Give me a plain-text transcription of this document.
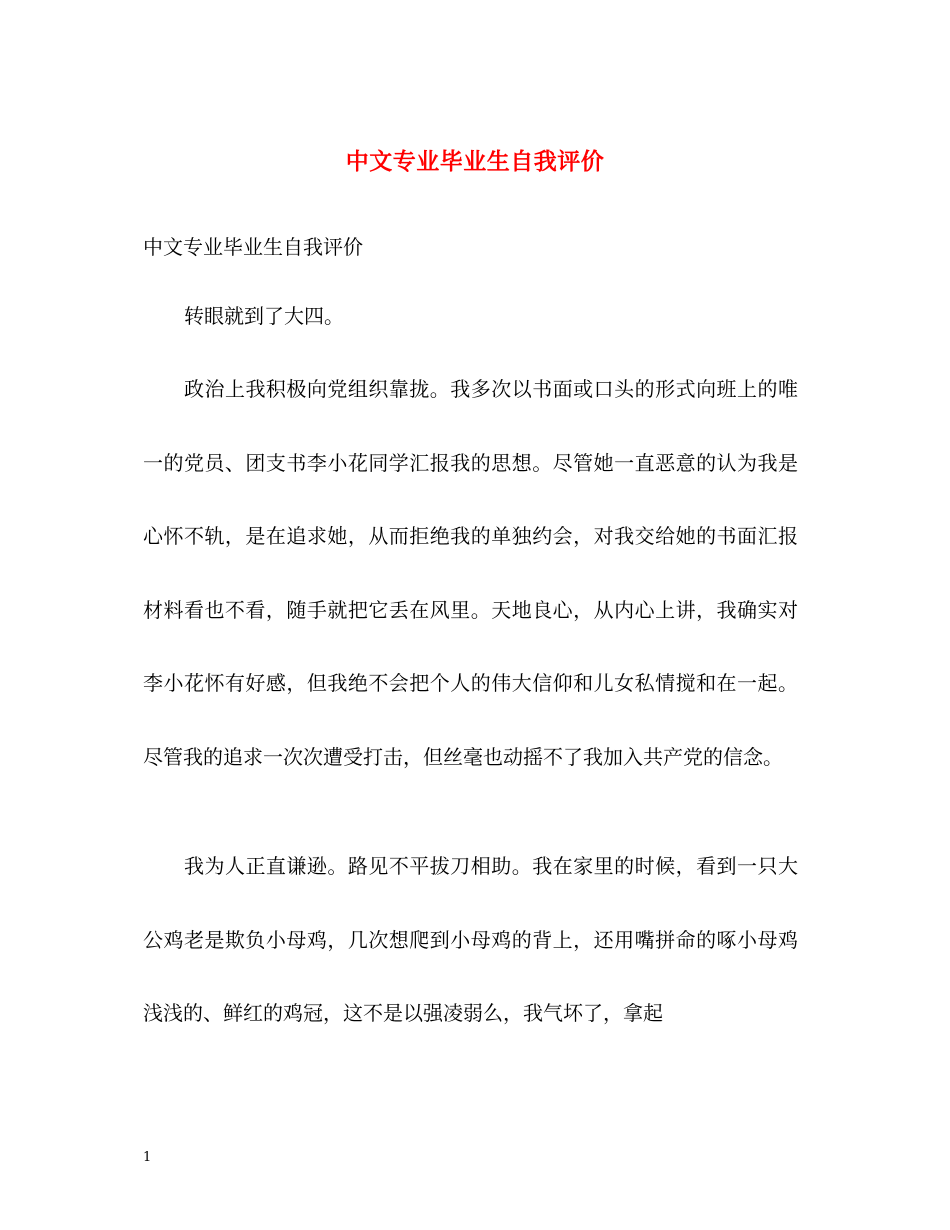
中文专业毕业生自我评价
中文专业毕业生自我评价

转眼就到了大四。

政治上我积极向党组织靠拢。我多次以书面或口头的形式向班上的唯一的党员、团支书李小花同学汇报我的思想。尽管她一直恶意的认为我是心怀不轨，是在追求她，从而拒绝我的单独约会，对我交给她的书面汇报材料看也不看，随手就把它丢在风里。天地良心，从内心上讲，我确实对李小花怀有好感，但我绝不会把个人的伟大信仰和儿女私情搅和在一起。尽管我的追求一次次遭受打击，但丝毫也动摇不了我加入共产党的信念。

我为人正直谦逊。路见不平拔刀相助。我在家里的时候，看到一只大公鸡老是欺负小母鸡，几次想爬到小母鸡的背上，还用嘴拼命的啄小母鸡浅浅的、鲜红的鸡冠，这不是以强凌弱么，我气坏了，拿起

1
